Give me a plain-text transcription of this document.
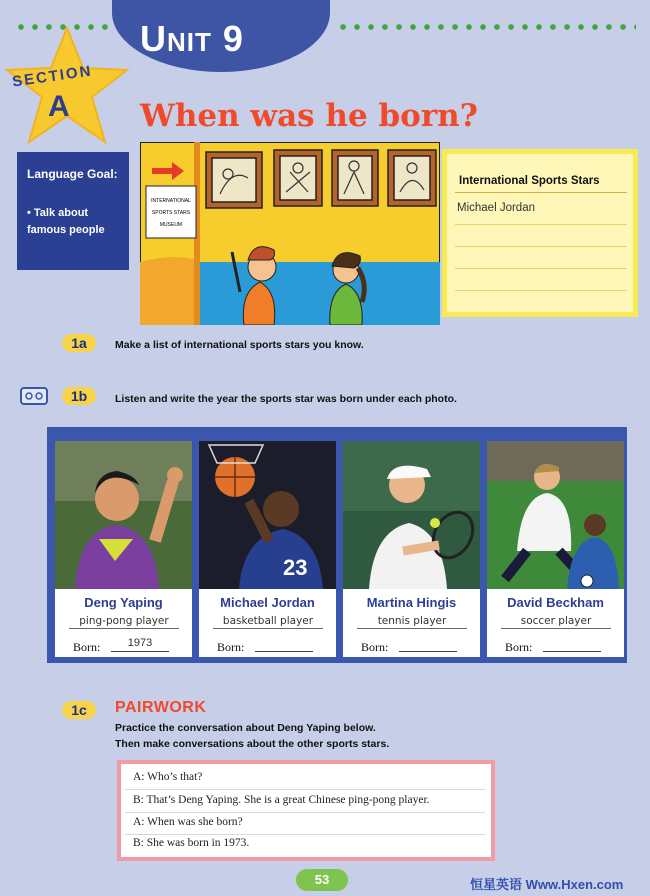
UNIT 9
SECTION
A When was he born?
Language Goal:
• Talk about famous people
INTERNATIONAL
SPORTS STARS
MUSEUM
International Sports Stars
Michael Jordan
1a	Make a list of international sports stars you know.
1b	Listen and write the year the sports star was born under each photo.
Deng Yaping
ping-pong player
Born:	1973
23
Michael Jordan
basketball player
Born:
Martina Hingis
tennis player
Born:
David Beckham
soccer player
Born:
1c	PAIRWORK
Practice the conversation about Deng Yaping below.
Then make conversations about the other sports stars.
A: Who’s that?
B: That’s Deng Yaping. She is a great Chinese ping-pong player.
A: When was she born?
B: She was born in 1973.
53	恒星英语 Www.Hxen.com
